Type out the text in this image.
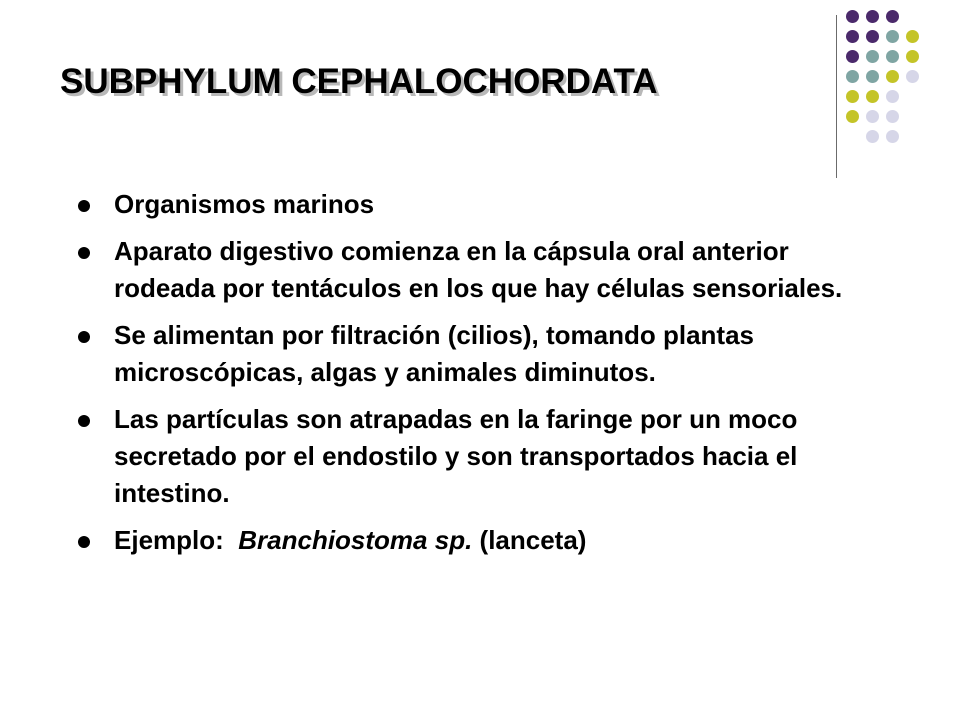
SUBPHYLUM CEPHALOCHORDATA
Organismos marinos
Aparato digestivo comienza en la cápsula oral anterior rodeada por tentáculos en los que hay células sensoriales.
Se alimentan por filtración (cilios), tomando plantas microscópicas, algas y animales diminutos.
Las partículas son atrapadas en la faringe por un moco secretado por el endostilo y son transportados hacia el intestino.
Ejemplo:  Branchiostoma sp. (lanceta)
